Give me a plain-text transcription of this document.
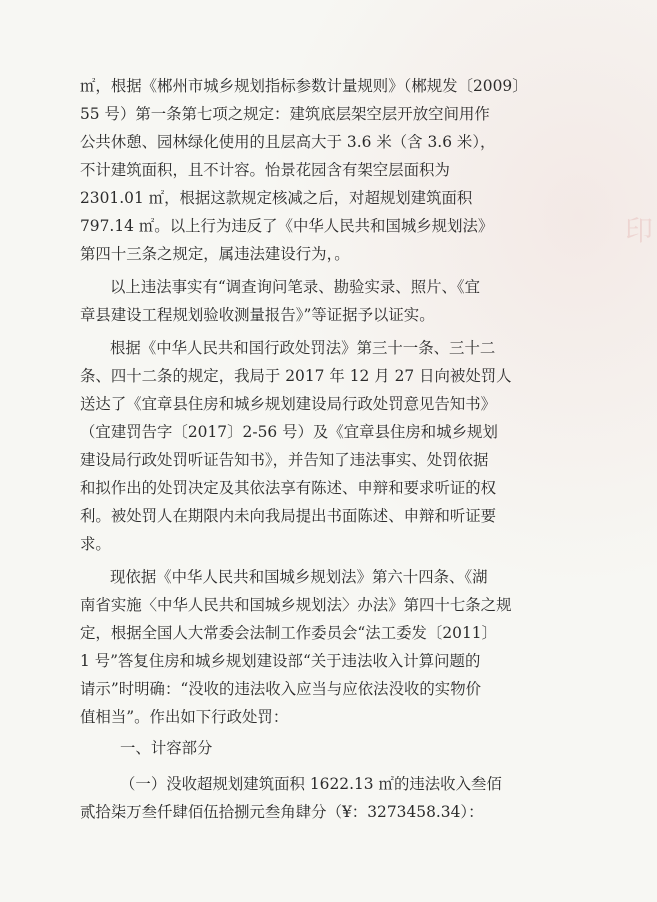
印
㎡，根据《郴州市城乡规划指标参数计量规则》（郴规发〔2009〕
55 号）第一条第七项之规定：建筑底层架空层开放空间用作
公共休憩、园林绿化使用的且层高大于 3.6 米（含 3.6 米），
不计建筑面积，且不计容。怡景花园含有架空层面积为
2301.01 ㎡，根据这款规定核减之后，对超规划建筑面积
797.14 ㎡。以上行为违反了《中华人民共和国城乡规划法》
第四十三条之规定，属违法建设行为，。
以上违法事实有“调查询问笔录、勘验实录、照片、《宜
章县建设工程规划验收测量报告》”等证据予以证实。
根据《中华人民共和国行政处罚法》第三十一条、三十二
条、四十二条的规定，我局于 2017 年 12 月 27 日向被处罚人
送达了《宜章县住房和城乡规划建设局行政处罚意见告知书》
（宜建罚告字〔2017〕2-56 号）及《宜章县住房和城乡规划
建设局行政处罚听证告知书》，并告知了违法事实、处罚依据
和拟作出的处罚决定及其依法享有陈述、申辩和要求听证的权
利。被处罚人在期限内未向我局提出书面陈述、申辩和听证要
求。
现依据《中华人民共和国城乡规划法》第六十四条、《湖
南省实施〈中华人民共和国城乡规划法〉办法》第四十七条之规
定，根据全国人大常委会法制工作委员会“法工委发〔2011〕
1 号”答复住房和城乡规划建设部“关于违法收入计算问题的
请示”时明确：“没收的违法收入应当与应依法没收的实物价
值相当”。作出如下行政处罚：
一、计容部分
（一）没收超规划建筑面积 1622.13 ㎡的违法收入叁佰
贰拾柒万叁仟肆佰伍拾捌元叁角肆分（¥：3273458.34）：
